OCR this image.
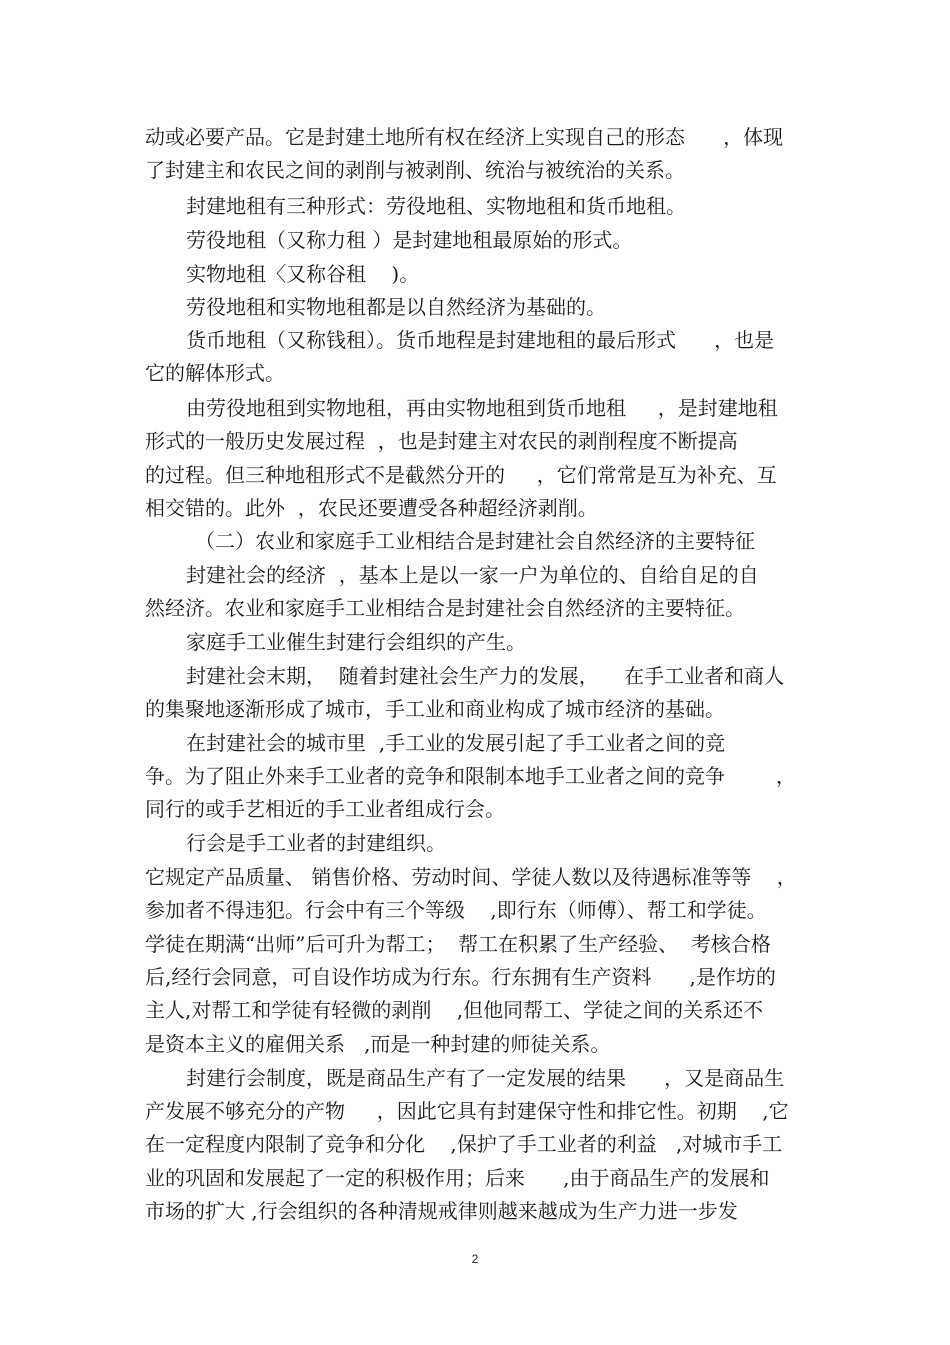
动或必要产品。它是封建土地所有权在经济上实现自己的形态      ，体现
了封建主和农民之间的剥削与被剥削、统治与被统治的关系。
封建地租有三种形式：劳役地租、实物地租和货币地租。
劳役地租（又称力租 ）是封建地租最原始的形式。
实物地租〈又称谷租    )。
劳役地租和实物地租都是以自然经济为基础的。
货币地租（又称钱租）。货币地程是封建地租的最后形式      ，也是
它的解体形式。
由劳役地租到实物地租，再由实物地租到货币地租     ，是封建地租
形式的一般历史发展过程  ，也是封建主对农民的剥削程度不断提高
的过程。但三种地租形式不是截然分开的     ，它们常常是互为补充、互
相交错的。此外  ，农民还要遭受各种超经济剥削。
（二）农业和家庭手工业相结合是封建社会自然经济的主要特征
封建社会的经济  ，基本上是以一家一户为单位的、自给自足的自
然经济。农业和家庭手工业相结合是封建社会自然经济的主要特征。
家庭手工业催生封建行会组织的产生。
封建社会末期，  随着封建社会生产力的发展，    在手工业者和商人
的集聚地逐渐形成了城市，手工业和商业构成了城市经济的基础。
在封建社会的城市里  ,手工业的发展引起了手工业者之间的竞
争。为了阻止外来手工业者的竞争和限制本地手工业者之间的竞争        ，
同行的或手艺相近的手工业者组成行会。
行会是手工业者的封建组织。
它规定产品质量、 销售价格、劳动时间、学徒人数以及待遇标准等等    ，
参加者不得违犯。行会中有三个等级    ,即行东（师傅）、帮工和学徒。
学徒在期满“出师”后可升为帮工；  帮工在积累了生产经验、  考核合格
后,经行会同意，可自设作坊成为行东。行东拥有生产资料      ,是作坊的
主人,对帮工和学徒有轻微的剥削    ,但他同帮工、学徒之间的关系还不
是资本主义的雇佣关系   ,而是一种封建的师徒关系。
封建行会制度，既是商品生产有了一定发展的结果      ，又是商品生
产发展不够充分的产物     ，因此它具有封建保守性和排它性。初期    ,它
在一定程度内限制了竞争和分化    ,保护了手工业者的利益   ,对城市手工
业的巩固和发展起了一定的积极作用；后来      ,由于商品生产的发展和
市场的扩大 ,行会组织的各种清规戒律则越来越成为生产力进一步发
2
